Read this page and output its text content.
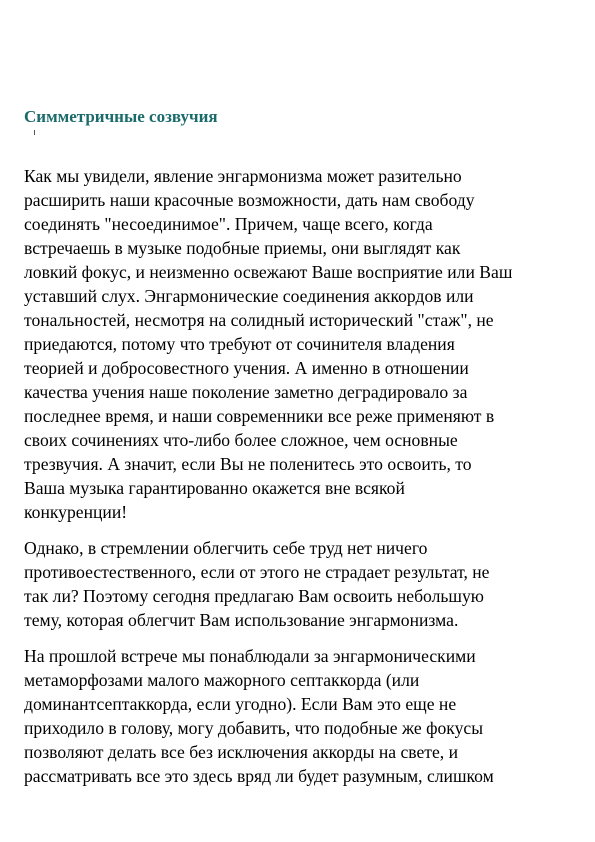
Симметричные созвучия

Как мы увидели, явление энгармонизма может разительно
расширить наши красочные возможности, дать нам свободу
соединять "несоединимое". Причем, чаще всего, когда
встречаешь в музыке подобные приемы, они выглядят как
ловкий фокус, и неизменно освежают Ваше восприятие или Ваш
уставший слух. Энгармонические соединения аккордов или
тональностей, несмотря на солидный исторический "стаж", не
приедаются, потому что требуют от сочинителя владения
теорией и добросовестного учения. А именно в отношении
качества учения наше поколение заметно деградировало за
последнее время, и наши современники все реже применяют в
своих сочинениях что-либо более сложное, чем основные
трезвучия. А значит, если Вы не поленитесь это освоить, то
Ваша музыка гарантированно окажется вне всякой
конкуренции!

Однако, в стремлении облегчить себе труд нет ничего
противоестественного, если от этого не страдает результат, не
так ли? Поэтому сегодня предлагаю Вам освоить небольшую
тему, которая облегчит Вам использование энгармонизма.

На прошлой встрече мы понаблюдали за энгармоническими
метаморфозами малого мажорного септаккорда (или
доминантсептаккорда, если угодно). Если Вам это еще не
приходило в голову, могу добавить, что подобные же фокусы
позволяют делать все без исключения аккорды на свете, и
рассматривать все это здесь вряд ли будет разумным, слишком
